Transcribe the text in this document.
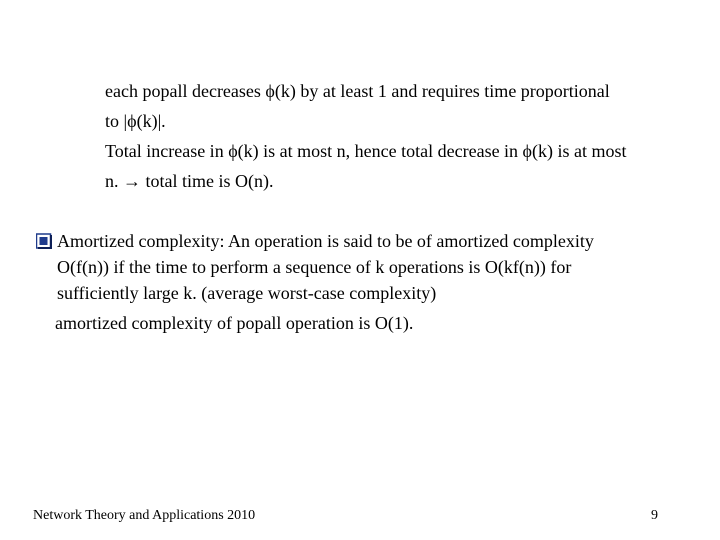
each popall decreases ϕ(k) by at least 1 and requires time proportional
to |ϕ(k)|.
Total increase in ϕ(k) is at most n, hence total decrease in ϕ(k) is at most
n. → total time is O(n).
Amortized complexity: An operation is said to be of amortized complexity
O(f(n)) if the time to perform a sequence of k operations is O(kf(n)) for
sufficiently large k. (average worst-case complexity)
amortized complexity of popall operation is O(1).
Network Theory and Applications 2010	9
